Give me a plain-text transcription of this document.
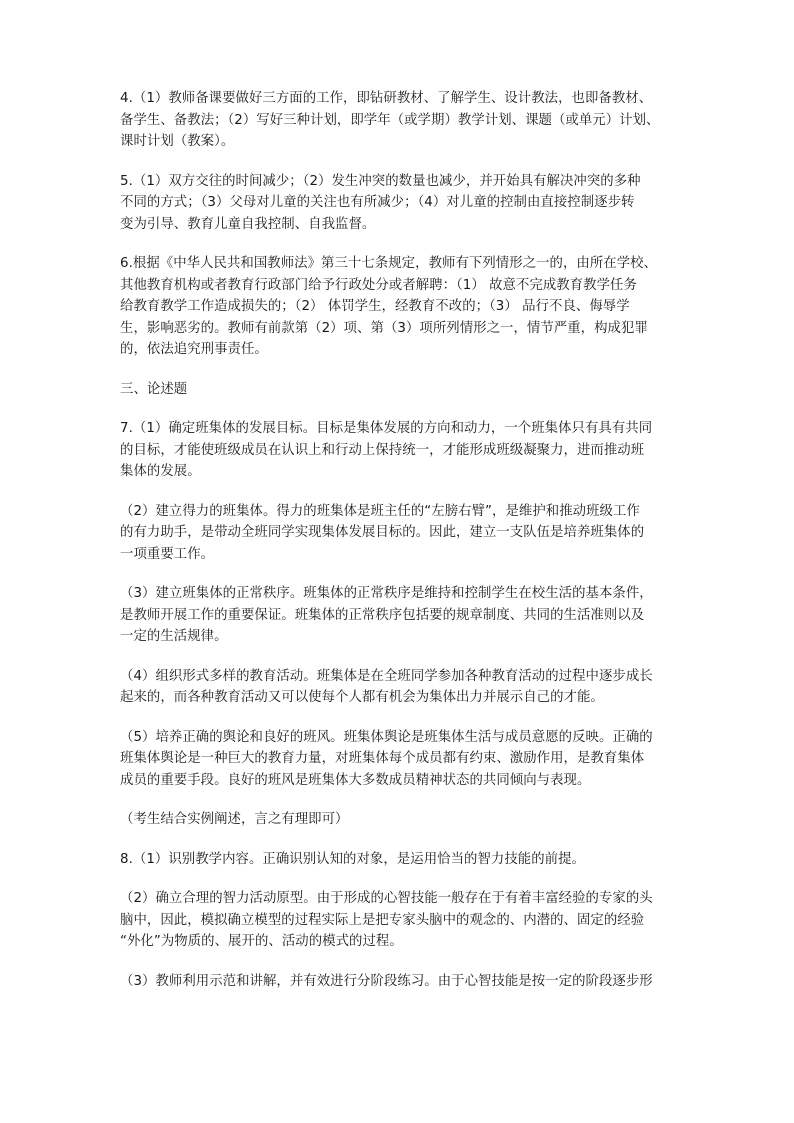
4.（1）教师备课要做好三方面的工作，即钻研教材、了解学生、设计教法，也即备教材、
备学生、备教法；（2）写好三种计划，即学年（或学期）教学计划、课题（或单元）计划、
课时计划（教案）。

5.（1）双方交往的时间减少；（2）发生冲突的数量也减少，并开始具有解决冲突的多种
不同的方式；（3）父母对儿童的关注也有所减少；（4）对儿童的控制由直接控制逐步转
变为引导、教育儿童自我控制、自我监督。

6.根据《中华人民共和国教师法》第三十七条规定，教师有下列情形之一的，由所在学校、
其他教育机构或者教育行政部门给予行政处分或者解聘：（1） 故意不完成教育教学任务
给教育教学工作造成损失的；（2） 体罚学生，经教育不改的；（3） 品行不良、侮辱学
生，影响恶劣的。教师有前款第（2）项、第（3）项所列情形之一，情节严重，构成犯罪
的，依法追究刑事责任。

三、论述题

7.（1）确定班集体的发展目标。目标是集体发展的方向和动力，一个班集体只有具有共同
的目标，才能使班级成员在认识上和行动上保持统一，才能形成班级凝聚力，进而推动班
集体的发展。

（2）建立得力的班集体。得力的班集体是班主任的“左膀右臂”，是维护和推动班级工作
的有力助手，是带动全班同学实现集体发展目标的。因此，建立一支队伍是培养班集体的
一项重要工作。

（3）建立班集体的正常秩序。班集体的正常秩序是维持和控制学生在校生活的基本条件，
是教师开展工作的重要保证。班集体的正常秩序包括要的规章制度、共同的生活准则以及
一定的生活规律。

（4）组织形式多样的教育活动。班集体是在全班同学参加各种教育活动的过程中逐步成长
起来的，而各种教育活动又可以使每个人都有机会为集体出力并展示自己的才能。

（5）培养正确的舆论和良好的班风。班集体舆论是班集体生活与成员意愿的反映。正确的
班集体舆论是一种巨大的教育力量，对班集体每个成员都有约束、激励作用，是教育集体
成员的重要手段。良好的班风是班集体大多数成员精神状态的共同倾向与表现。

（考生结合实例阐述，言之有理即可）

8.（1）识别教学内容。正确识别认知的对象，是运用恰当的智力技能的前提。

（2）确立合理的智力活动原型。由于形成的心智技能一般存在于有着丰富经验的专家的头
脑中，因此，模拟确立模型的过程实际上是把专家头脑中的观念的、内潜的、固定的经验
“外化”为物质的、展开的、活动的模式的过程。

（3）教师利用示范和讲解，并有效进行分阶段练习。由于心智技能是按一定的阶段逐步形
